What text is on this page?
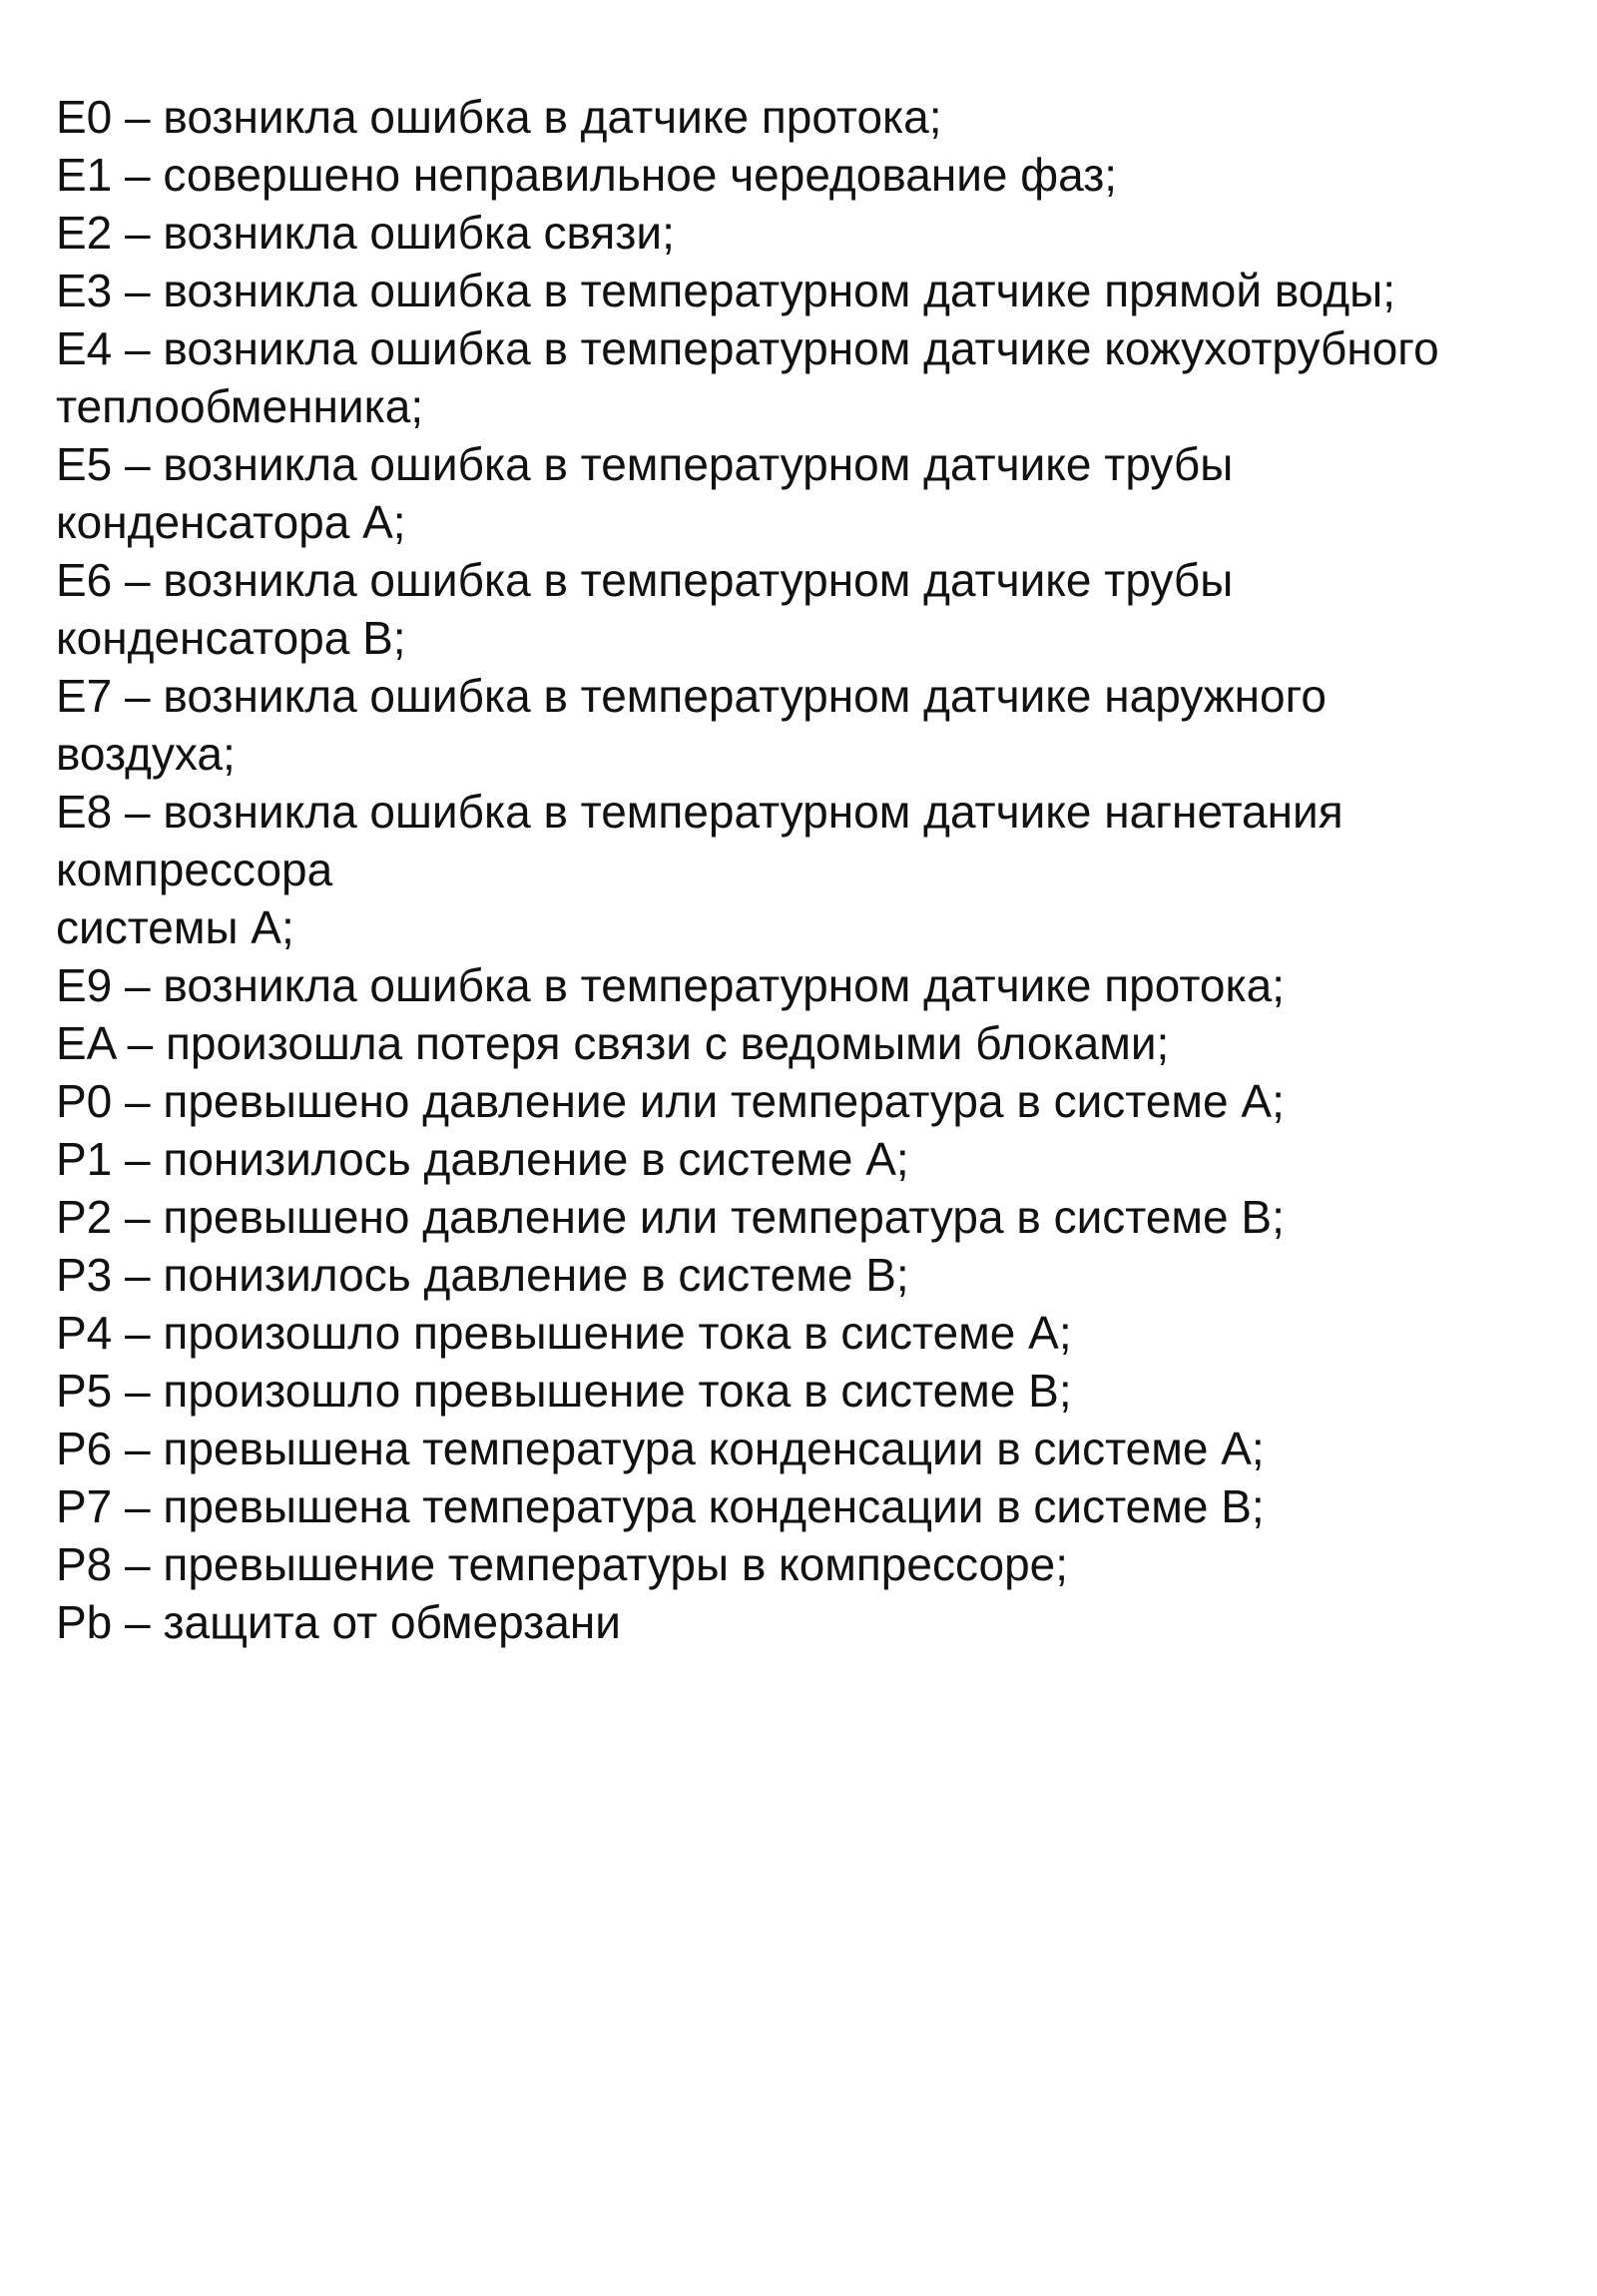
E0 – возникла ошибка в датчике протока;
E1 – совершено неправильное чередование фаз;
E2 – возникла ошибка связи;
E3 – возникла ошибка в температурном датчике прямой воды;
E4 – возникла ошибка в температурном датчике кожухотрубного
теплообменника;
E5 – возникла ошибка в температурном датчике трубы
конденсатора A;
E6 – возникла ошибка в температурном датчике трубы
конденсатора B;
E7 – возникла ошибка в температурном датчике наружного
воздуха;
E8 – возникла ошибка в температурном датчике нагнетания
компрессора
системы A;
E9 – возникла ошибка в температурном датчике протока;
EA – произошла потеря связи с ведомыми блоками;
P0 – превышено давление или температура в системе A;
P1 – понизилось давление в системе A;
P2 – превышено давление или температура в системе B;
P3 – понизилось давление в системе B;
P4 – произошло превышение тока в системе A;
P5 – произошло превышение тока в системе B;
P6 – превышена температура конденсации в системе A;
P7 – превышена температура конденсации в системе B;
P8 – превышение температуры в компрессоре;
Pb – защита от обмерзани
